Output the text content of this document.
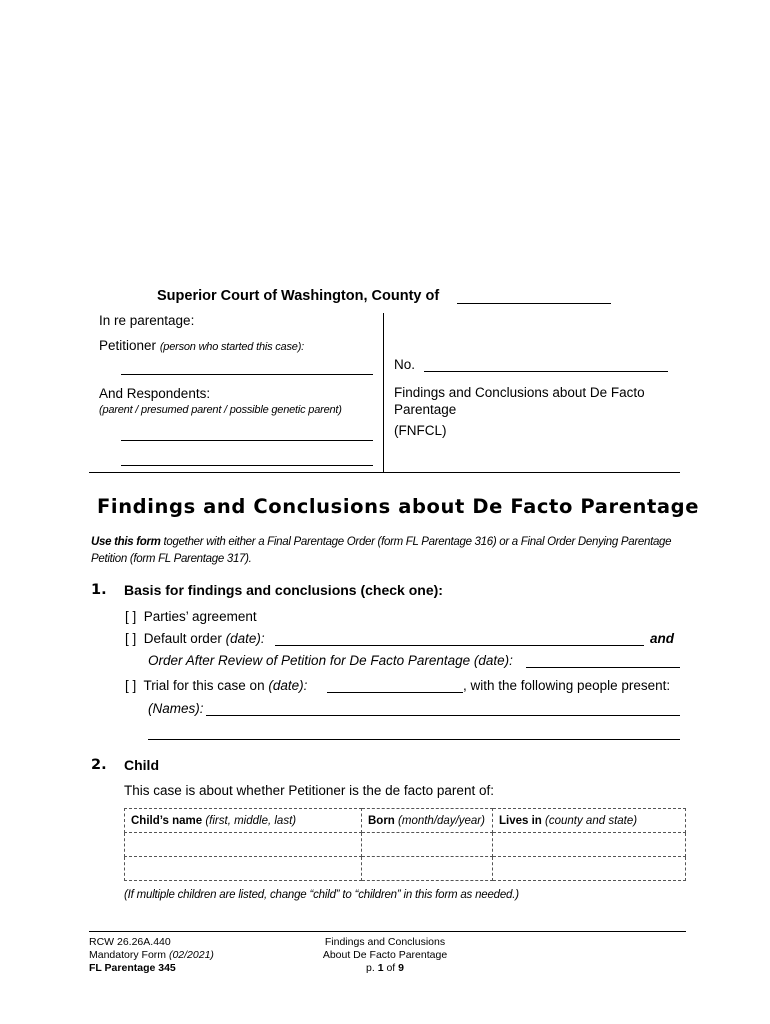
Superior Court of Washington, County of
In re parentage:
Petitioner (person who started this case):
And Respondents:
(parent / presumed parent / possible genetic parent)
No.
Findings and Conclusions about De Facto
Parentage
(FNFCL)
Findings and Conclusions about De Facto Parentage
Use this form together with either a Final Parentage Order (form FL Parentage 316) or a Final Order Denying Parentage Petition (form FL Parentage 317).
1. Basis for findings and conclusions (check one):
[ ] Parties’ agreement
[ ] Default order (date):	and
Order After Review of Petition for De Facto Parentage (date):
[ ] Trial for this case on (date):	, with the following people present:
(Names):
2. Child
This case is about whether Petitioner is the de facto parent of:
Child’s name (first, middle, last)	Born (month/day/year)	Lives in (county and state)

(If multiple children are listed, change “child” to “children” in this form as needed.)
RCW 26.26A.440
Mandatory Form (02/2021)
FL Parentage 345
Findings and Conclusions
About De Facto Parentage
p. 1 of 9
